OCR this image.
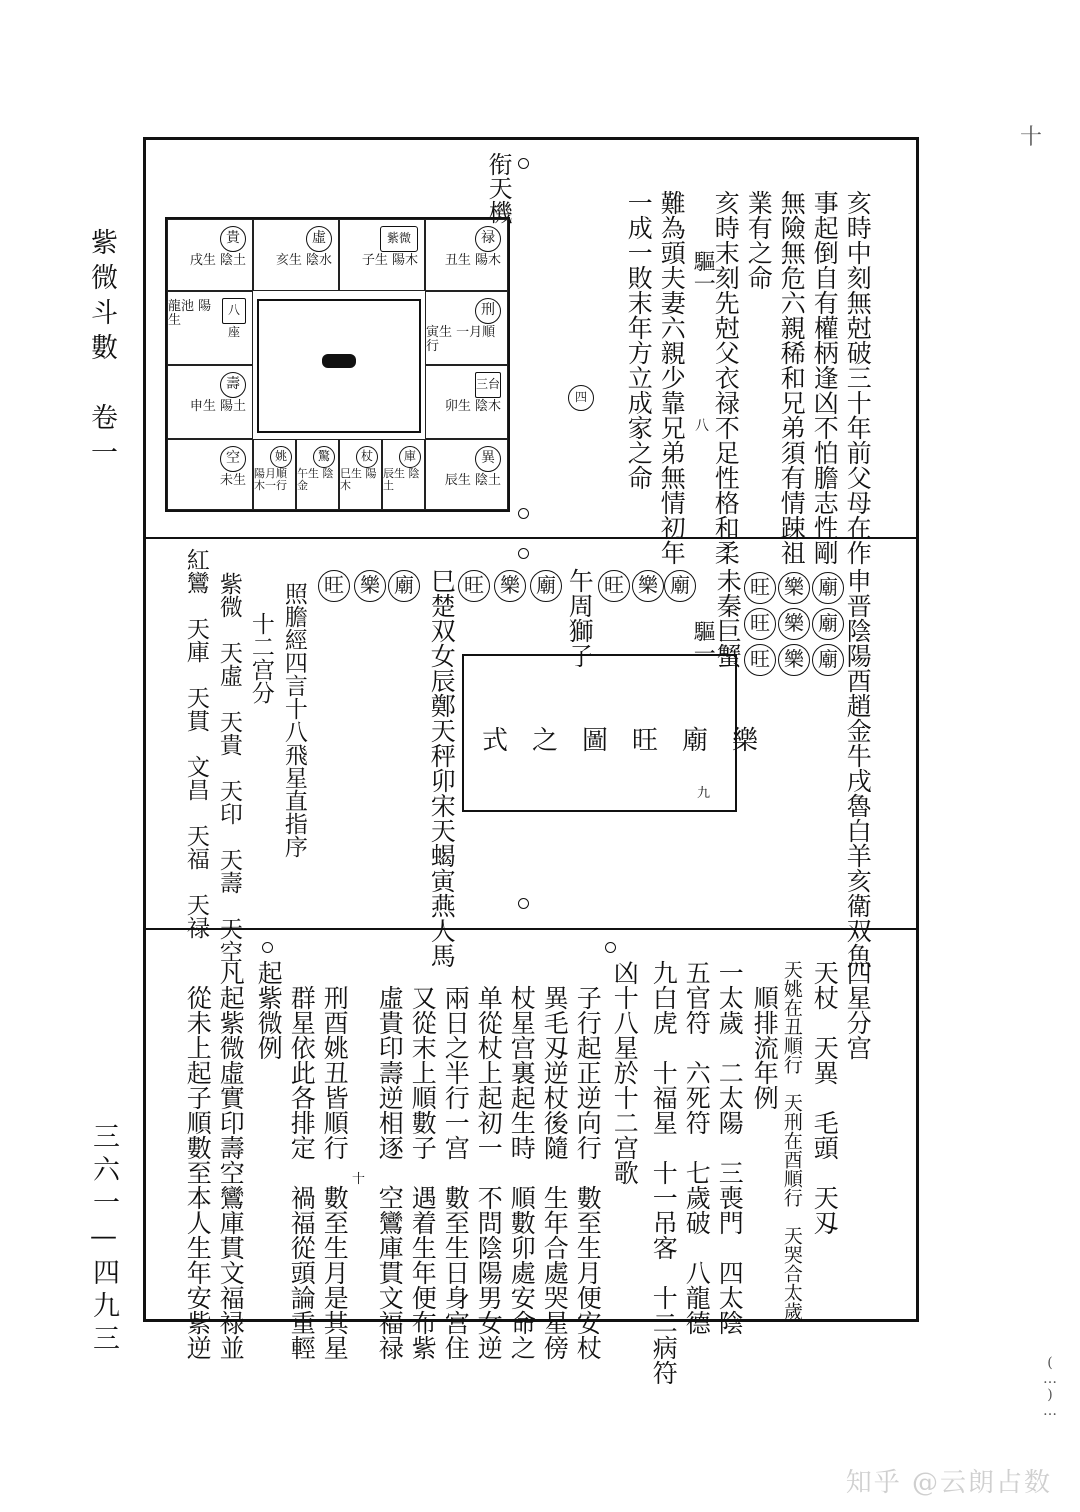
紫微斗數　卷一
三六一—四九三
十
(…)…
知乎 @云朗占数
亥時中刻無尅破三十年前父母在作
事起倒自有權柄逢凶不怕膽志性剛
無險無危六親稀和兄弟須有情踈祖
業有之命
亥時末刻先尅父衣禄不足性格和柔
驅一
難為頭夫妻六親少靠兄弟無情初年
一成一敗末年方立成家之命	八
四
衔天機
貴
戌生 陰土
虛
亥生 陰水
紫微
子生 陽木
禄
丑生 陽木
八座
龍池 陽生
壽
申生 陽土
刑
寅生 一月順行
三台
卯生 陰木
空
未生
姚
陽月順 木一行
驚
午生 陰金
杖
巳生 陽木
庫
辰生 陰土
異
辰生 陰土
申晋陰陽酉趙金牛戌魯白羊亥衛双魚
未秦巨蟹
驅一
午周獅子
巳楚双女辰鄭天秤卯宋天蝎寅燕人馬
照膽經四言十八飛星直指序
十二宫分
廟 廟 廟
樂 樂 樂
旺 旺 旺
廟
樂
旺
廟
樂
旺
廟
樂
旺
式之圖旺廟樂
九
紫微　天虛　天貴　天印　天壽　天空
紅鸞　天庫　天貫　文昌　天福　天禄
四星分宫
天杖　天異　毛頭　天刄
天姚在丑順行　天刑在酉順行　天哭合太歲
順排流年例
一太歲　二太陽　三喪門　四太陰
五官符　六死符　七歲破　八龍德
九白虎　十福星　十一吊客　十二病符
凶十八星於十二宫歌
子行起正逆向行　數至生月便安杖
異毛刄逆杖後隨　生年合處哭星傍
杖星宫裏起生時　順數卯處安命之
单從杖上起初一　不問陰陽男女逆
兩日之半行一宫　數至生日身宫住
又從末上順數子　遇着生年便布紫
虛貴印壽逆相逐　空鸞庫貫文福禄
刑酉姚丑皆順行　數至生月是其星
群星依此各排定　禍福從頭論重輕
起紫微例
凡起紫微虛實印壽空鸞庫貫文福禄並
從未上起子順數至本人生年安紫逆	十
